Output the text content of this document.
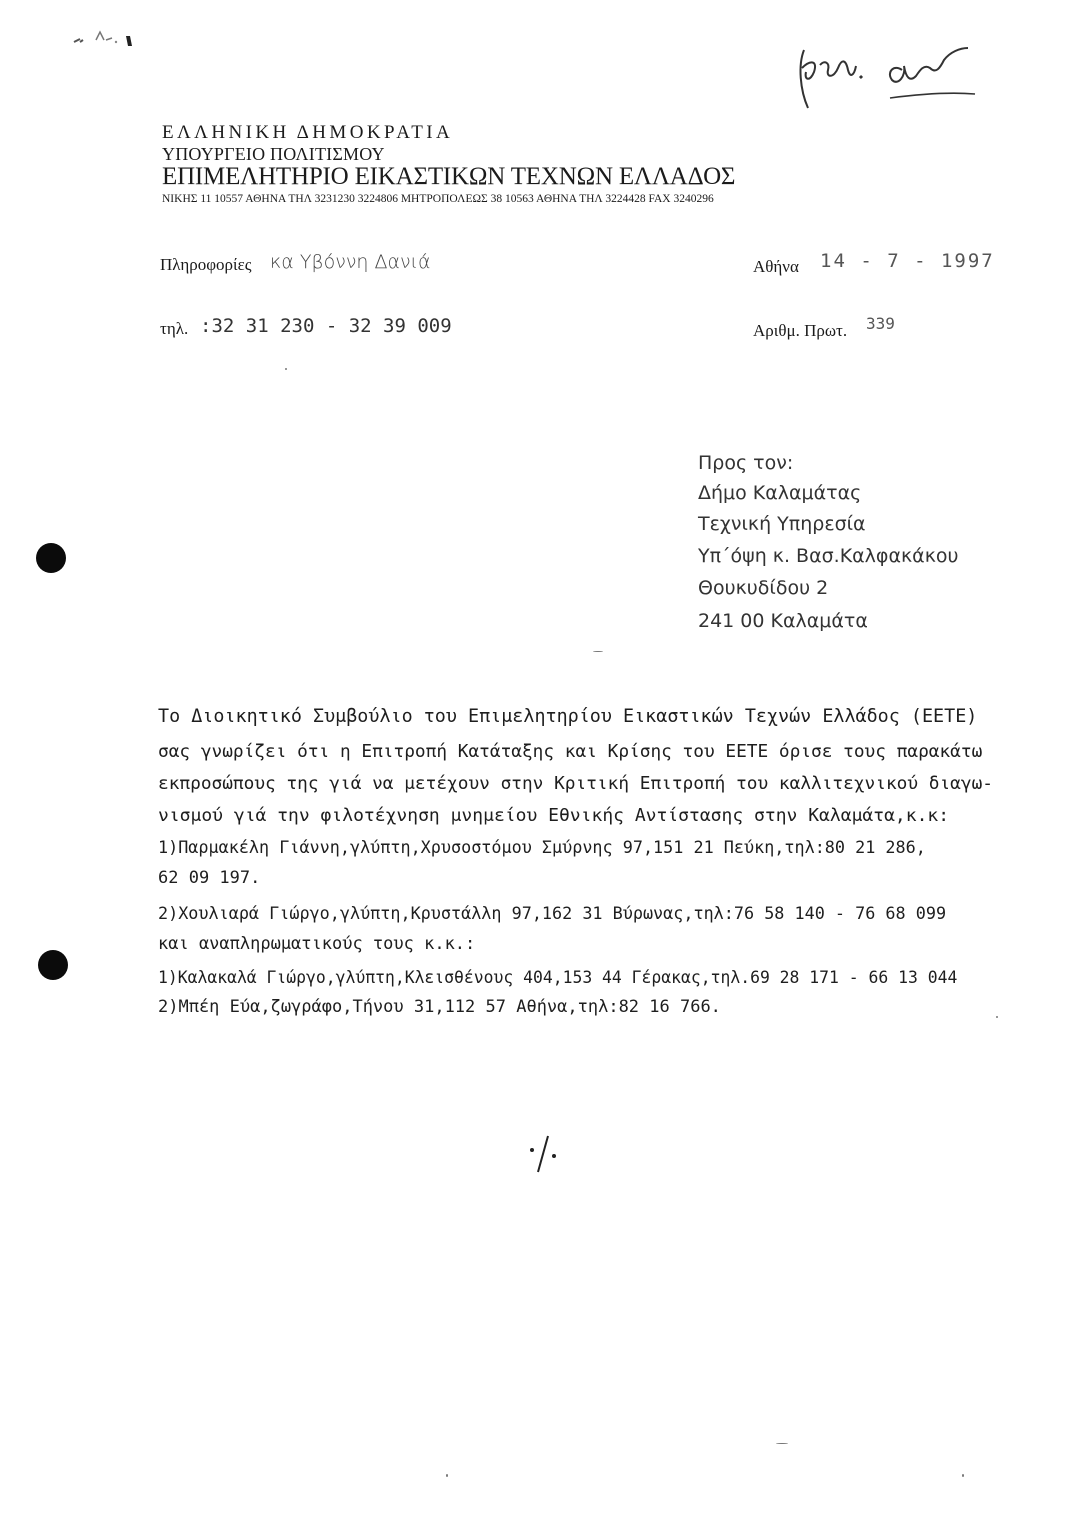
ΕΛΛΗΝΙΚΗ ΔΗΜΟΚΡΑΤΙΑ
ΥΠΟΥΡΓΕΙΟ ΠΟΛΙΤΙΣΜΟΥ
ΕΠΙΜΕΛΗΤΗΡΙΟ ΕΙΚΑΣΤΙΚΩΝ ΤΕΧΝΩΝ ΕΛΛΑΔΟΣ
ΝΙΚΗΣ 11 10557 ΑΘΗΝΑ ΤΗΛ 3231230 3224806 ΜΗΤΡΟΠΟΛΕΩΣ 38 10563 ΑΘΗΝΑ ΤΗΛ 3224428 FAX 3240296
Πληροφορίες κα Υβόννη Δανιά
τηλ. :32 31 230 - 32 39 009
Αθήνα 14 - 7 - 1997
Αριθμ. Πρωτ. 339
Προς τον:
Δήμο Καλαμάτας
Τεχνική Υπηρεσία
Υπ΄όψη κ. Βασ.Καλφακάκου
Θουκυδίδου 2
241 00 Καλαμάτα
Το Διοικητικό Συμβούλιο του Επιμελητηρίου Εικαστικών Τεχνών Ελλάδος (ΕΕΤΕ)
σας γνωρίζει ότι η Επιτροπή Κατάταξης και Κρίσης του ΕΕΤΕ όρισε τους παρακάτω
εκπροσώπους της γιά να μετέχουν στην Κριτική Επιτροπή του καλλιτεχνικού διαγω-
νισμού γιά την φιλοτέχνηση μνημείου Εθνικής Αντίστασης στην Καλαμάτα,κ.κ:
1)Παρμακέλη Γιάννη,γλύπτη,Χρυσοστόμου Σμύρνης 97,151 21 Πεύκη,τηλ:80 21 286,
62 09 197.
2)Χουλιαρά Γιώργο,γλύπτη,Κρυστάλλη 97,162 31 Βύρωνας,τηλ:76 58 140 - 76 68 099
και αναπληρωματικούς τους κ.κ.:
1)Καλακαλά Γιώργο,γλύπτη,Κλεισθένους 404,153 44 Γέρακας,τηλ.69 28 171 - 66 13 044
2)Μπέη Εύα,ζωγράφο,Τήνου 31,112 57 Αθήνα,τηλ:82 16 766.
